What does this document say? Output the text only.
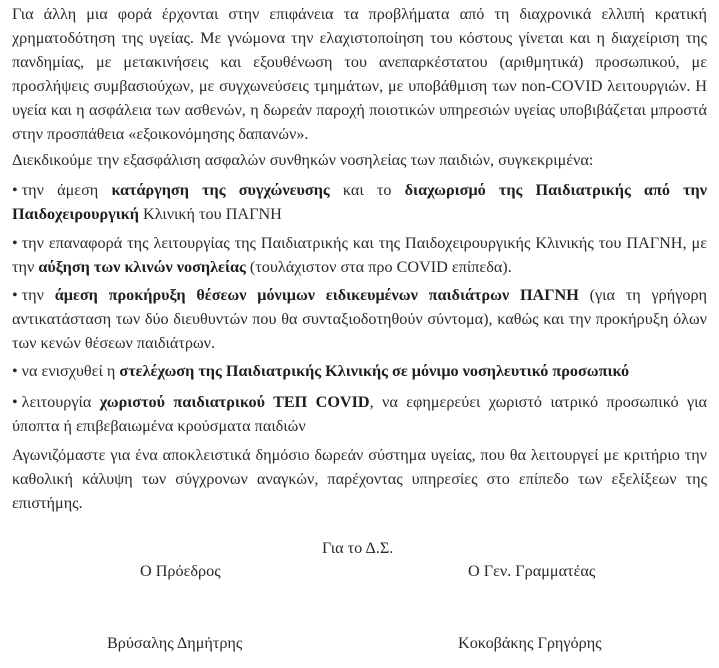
Για άλλη μια φορά έρχονται στην επιφάνεια τα προβλήματα από τη διαχρονικά ελλιπή κρατική χρηματοδότηση της υγείας. Με γνώμονα την ελαχιστοποίηση του κόστους γίνεται και η διαχείριση της πανδημίας, με μετακινήσεις και εξουθένωση του ανεπαρκέστατου (αριθμητικά) προσωπικού, με προσλήψεις συμβασιούχων, με συγχωνεύσεις τμημάτων, με υποβάθμιση των non-COVID λειτουργιών. Η υγεία και η ασφάλεια των ασθενών, η δωρεάν παροχή ποιοτικών υπηρεσιών υγείας υποβιβάζεται μπροστά στην προσπάθεια «εξοικονόμησης δαπανών».

Διεκδικούμε την εξασφάλιση ασφαλών συνθηκών νοσηλείας των παιδιών, συγκεκριμένα:

• την άμεση κατάργηση της συγχώνευσης και το διαχωρισμό της Παιδιατρικής από την Παιδοχειρουργική Κλινική του ΠΑΓΝΗ

• την επαναφορά της λειτουργίας της Παιδιατρικής και της Παιδοχειρουργικής Κλινικής του ΠΑΓΝΗ, με την αύξηση των κλινών νοσηλείας (τουλάχιστον στα προ COVID επίπεδα).

• την άμεση προκήρυξη θέσεων μόνιμων ειδικευμένων παιδιάτρων ΠΑΓΝΗ (για τη γρήγορη αντικατάσταση των δύο διευθυντών που θα συνταξιοδοτηθούν σύντομα), καθώς και την προκήρυξη όλων των κενών θέσεων παιδιάτρων.

• να ενισχυθεί η στελέχωση της Παιδιατρικής Κλινικής σε μόνιμο νοσηλευτικό προσωπικό

• λειτουργία χωριστού παιδιατρικού ΤΕΠ COVID, να εφημερεύει χωριστό ιατρικό προσωπικό για ύποπτα ή επιβεβαιωμένα κρούσματα παιδιών

Αγωνιζόμαστε για ένα αποκλειστικά δημόσιο δωρεάν σύστημα υγείας, που θα λειτουργεί με κριτήριο την καθολική κάλυψη των σύγχρονων αναγκών, παρέχοντας υπηρεσίες στο επίπεδο των εξελίξεων της επιστήμης.

Για το Δ.Σ.
Ο Πρόεδρος	Ο Γεν. Γραμματέας
Βρύσαλης Δημήτρης	Κοκοβάκης Γρηγόρης
